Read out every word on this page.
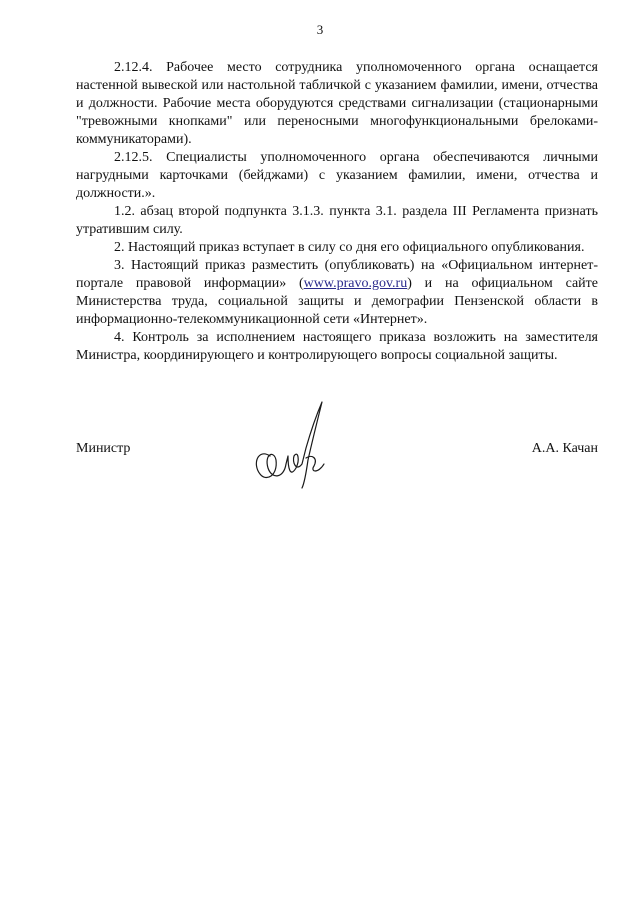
3

2.12.4. Рабочее место сотрудника уполномоченного органа оснащается настенной вывеской или настольной табличкой с указанием фамилии, имени, отчества и должности. Рабочие места оборудуются средствами сигнализации (стационарными "тревожными кнопками" или переносными многофункциональными брелоками-коммуникаторами).

2.12.5. Специалисты уполномоченного органа обеспечиваются личными нагрудными карточками (бейджами) с указанием фамилии, имени, отчества и должности.».

1.2. абзац второй подпункта 3.1.3. пункта 3.1. раздела III Регламента признать утратившим силу.

2. Настоящий приказ вступает в силу со дня его официального опубликования.

3. Настоящий приказ разместить (опубликовать) на «Официальном интернет-портале правовой информации» (www.pravo.gov.ru) и на официальном сайте Министерства труда, социальной защиты и демографии Пензенской области в информационно-телекоммуникационной сети «Интернет».

4. Контроль за исполнением настоящего приказа возложить на заместителя Министра, координирующего и контролирующего вопросы социальной защиты.

Министр	А.А. Качан
